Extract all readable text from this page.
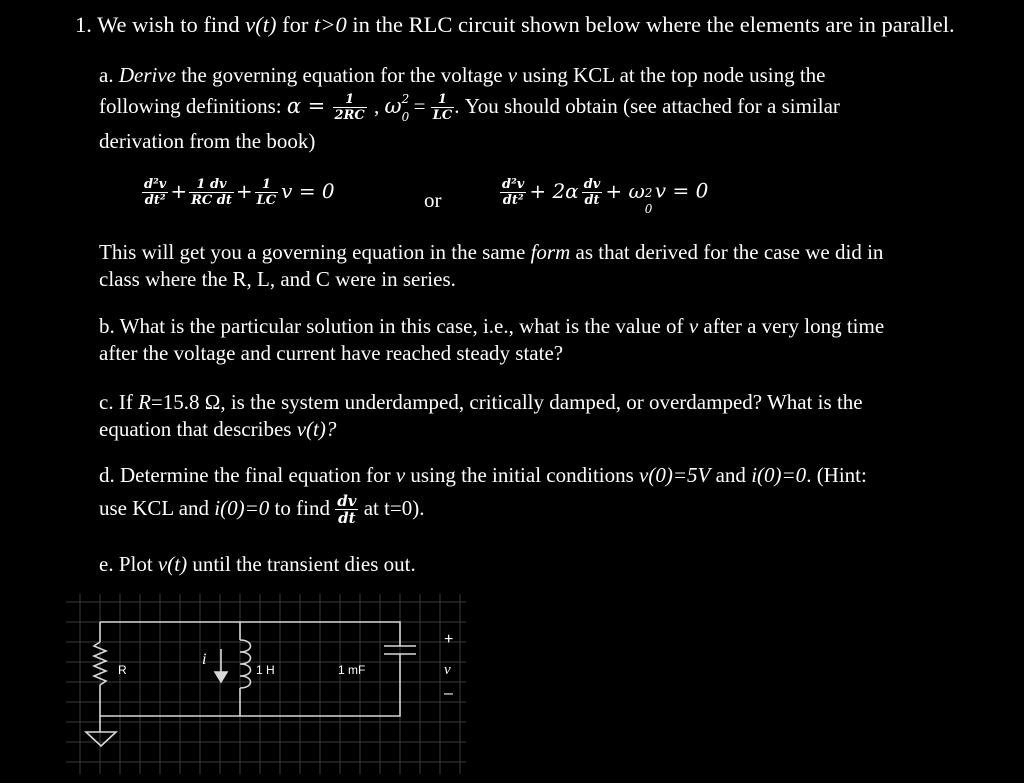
1. We wish to find v(t) for t>0 in the RLC circuit shown below where the elements are in parallel.
a. Derive the governing equation for the voltage v using KCL at the top node using the
following definitions: $\alpha = \frac{1}{2RC}$ , ω 2
$0 = \frac{1}{LC}$ . You should obtain (see attached for a similar
derivation from the book)
$\frac{\text{d²v}}{\text{dt²}} + \frac{1 dv}{\text{RC dt}} + \frac{1}{LC}$ v = 0	or	$\frac{\text{d²v}}{\text{dt²}} + 2\alpha \frac{dv}{dt} + \omega$ 2
0
v = 0
This will get you a governing equation in the same form as that derived for the case we did in
class where the R, L, and C were in series.
b. What is the particular solution in this case, i.e., what is the value of v after a very long time
after the voltage and current have reached steady state?
c. If R=15.8 Ω, is the system underdamped, critically damped, or overdamped? What is the
equation that describes v(t)?
d. Determine the final equation for v using the initial conditions v(0)=5V and i(0)=0. (Hint:
use KCL and i(0)=0 to find $\frac{dv}{dt}$ at t=0).
e. Plot v(t) until the transient dies out.
R
i
1 H	1 mF
+
v
–
